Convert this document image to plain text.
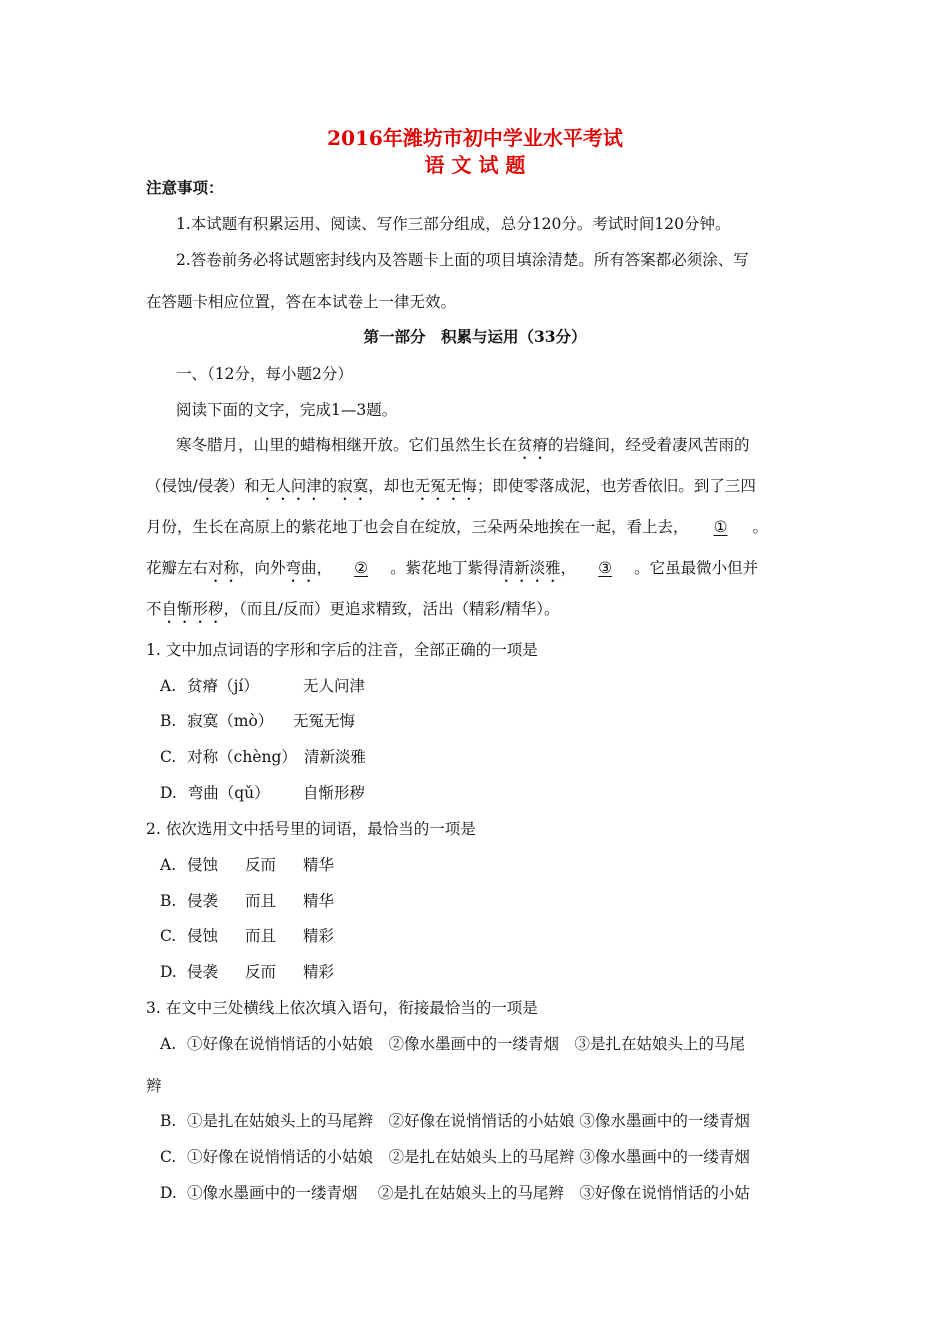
2016年潍坊市初中学业水平考试
语 文 试 题
注意事项：
1.本试题有积累运用、阅读、写作三部分组成，总分120分。考试时间120分钟。
2.答卷前务必将试题密封线内及答题卡上面的项目填涂清楚。所有答案都必须涂、写
在答题卡相应位置，答在本试卷上一律无效。
第一部分　积累与运用（33分）
一、（12分，每小题2分）
阅读下面的文字，完成1—3题。
寒冬腊月，山里的蜡梅相继开放。它们虽然生长在贫瘠的岩缝间，经受着凄风苦雨的
（侵蚀/侵袭）和无人问津的寂寞，却也无冤无悔；即使零落成泥，也芳香依旧。到了三四
月份，生长在高原上的紫花地丁也会自在绽放，三朵两朵地挨在一起，看上去， ① 。
花瓣左右对称，向外弯曲， ② 。紫花地丁紫得清新淡雅， ③ 。它虽最微小但并
不自惭形秽，（而且/反而）更追求精致，活出（精彩/精华）。
1. 文中加点词语的字形和字后的注音，全部正确的一项是
A. 贫瘠（jí）	无人问津
B. 寂寞（mò） 无冤无悔
C. 对称（chèng） 清新淡雅
D. 弯曲（qǔ） 自惭形秽
2. 依次选用文中括号里的词语，最恰当的一项是
A. 侵蚀 反而 精华
B. 侵袭 而且 精华
C. 侵蚀 而且 精彩
D. 侵袭 反而 精彩
3. 在文中三处横线上依次填入语句，衔接最恰当的一项是
A. ①好像在说悄悄话的小姑娘　②像水墨画中的一缕青烟　③是扎在姑娘头上的马尾
辫
B. ①是扎在姑娘头上的马尾辫　②好像在说悄悄话的小姑娘 ③像水墨画中的一缕青烟
C. ①好像在说悄悄话的小姑娘　②是扎在姑娘头上的马尾辫 ③像水墨画中的一缕青烟
D. ①像水墨画中的一缕青烟　 ②是扎在姑娘头上的马尾辫　③好像在说悄悄话的小姑
